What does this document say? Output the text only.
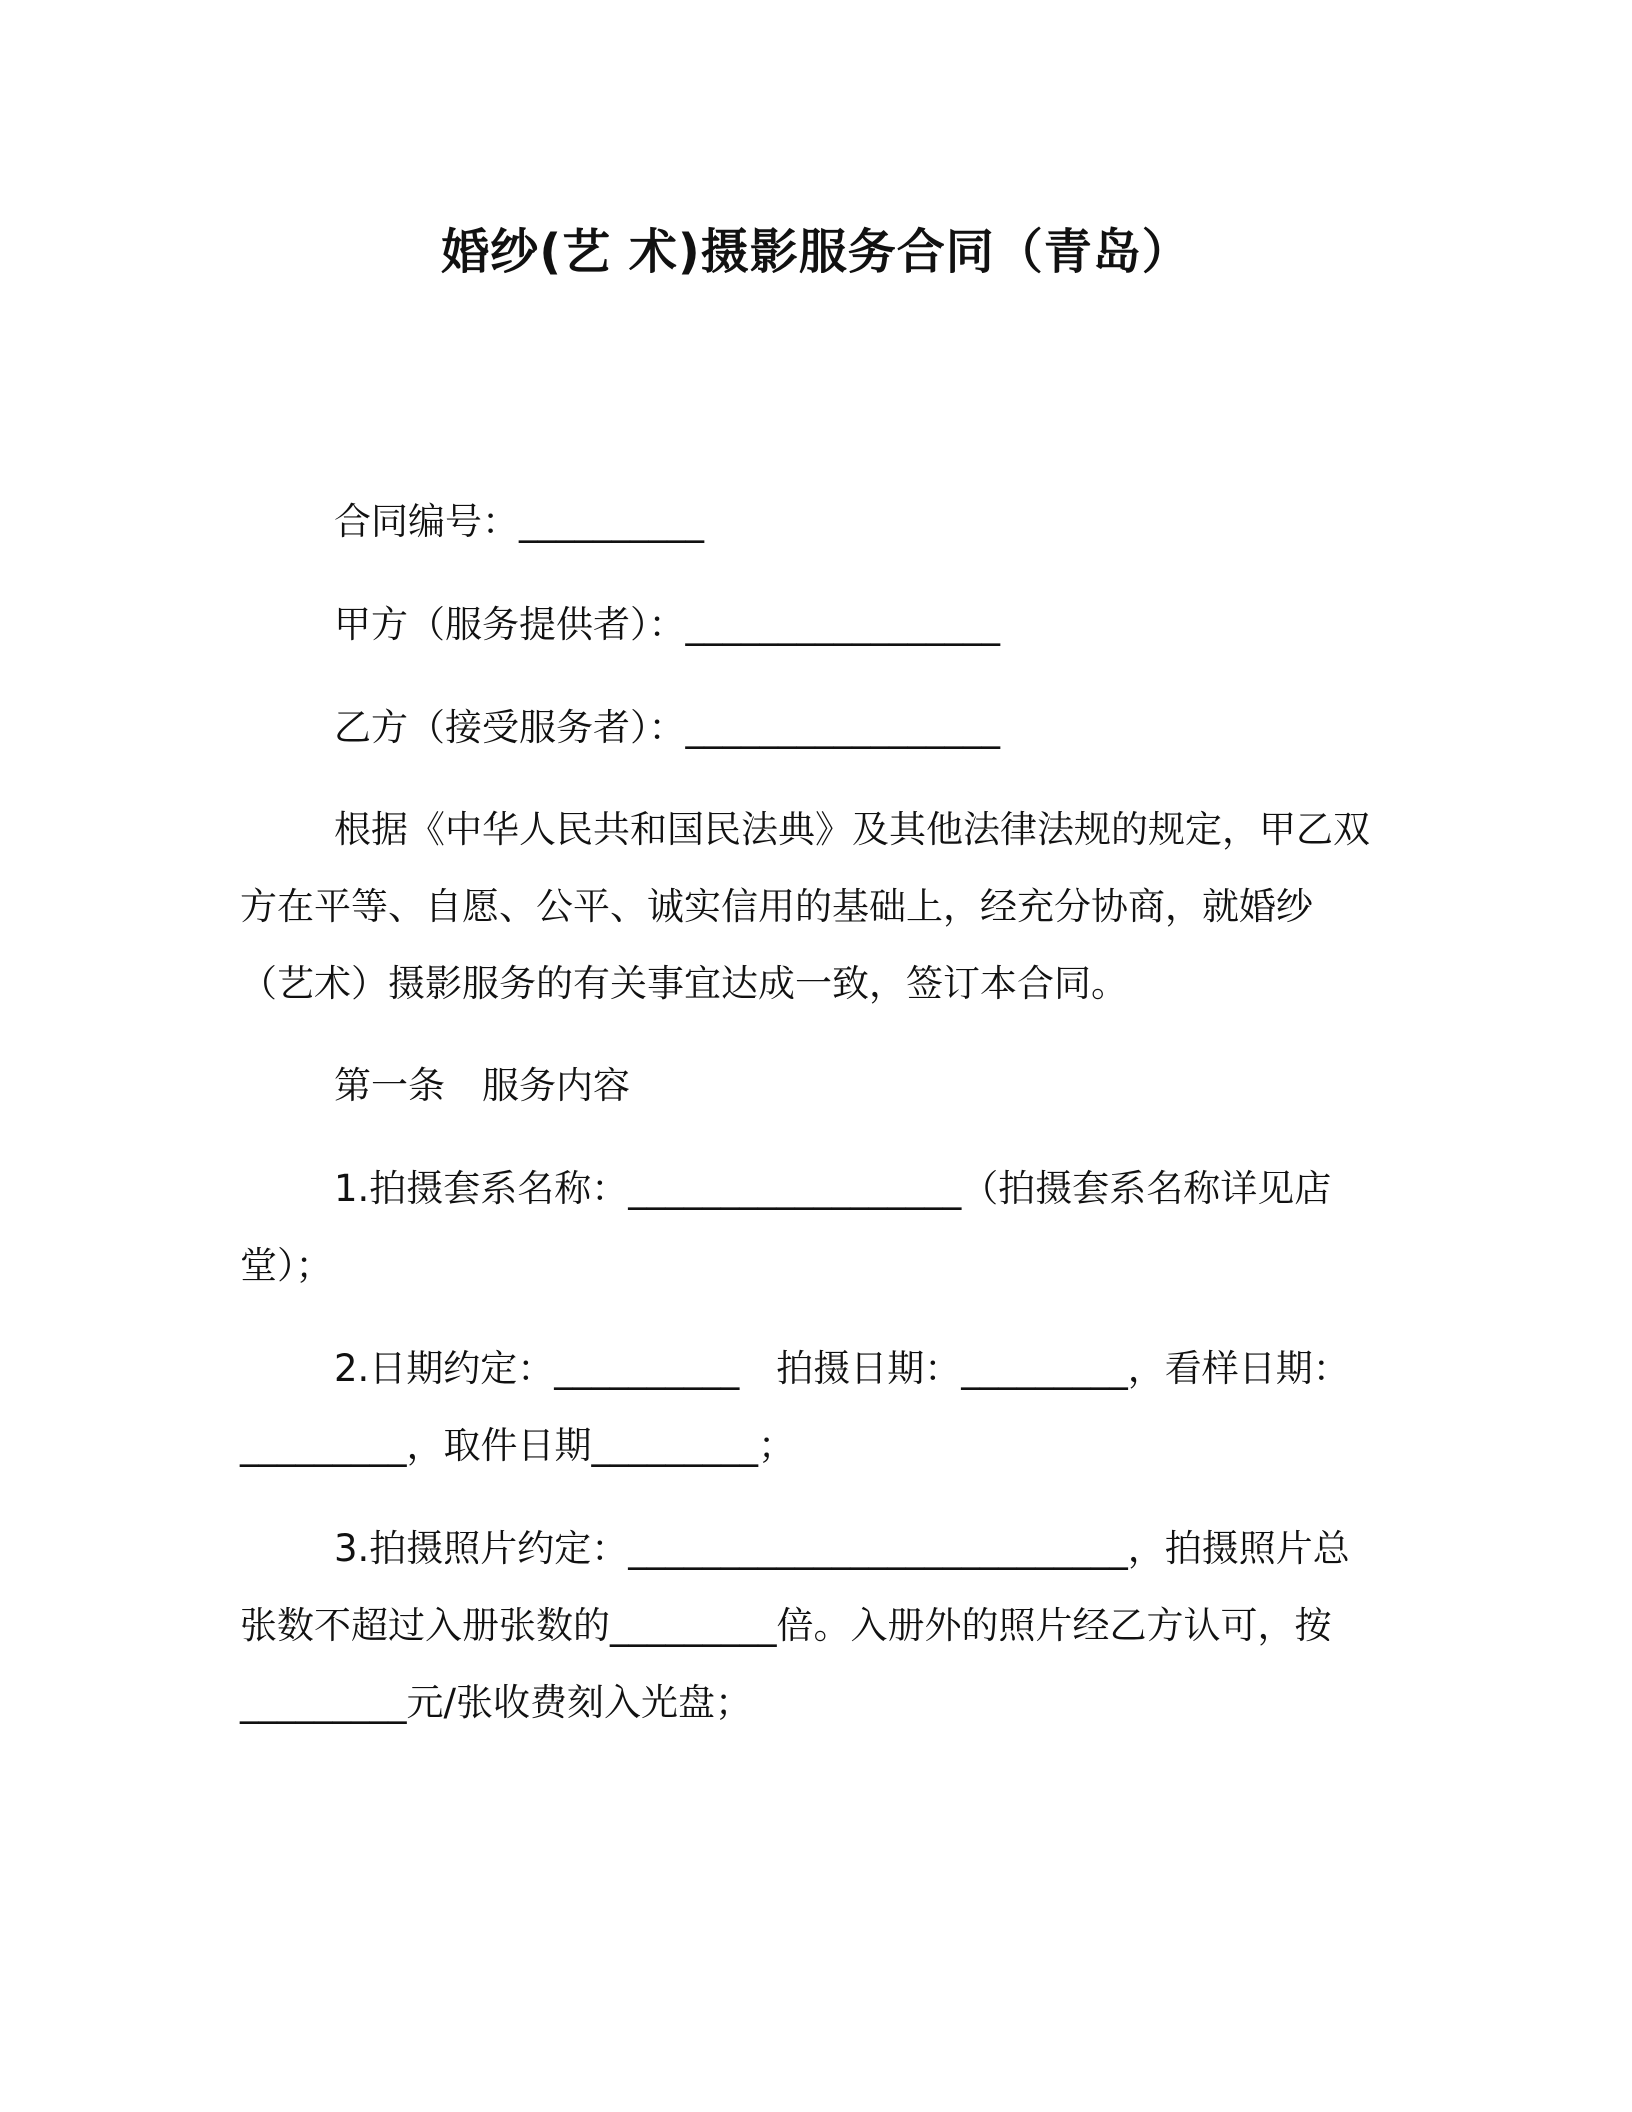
婚纱(艺 术)摄影服务合同（青岛）
合同编号：__________
甲方（服务提供者）：_________________
乙方（接受服务者）：_________________
根据《中华人民共和国民法典》及其他法律法规的规定，甲乙双
方在平等、自愿、公平、诚实信用的基础上，经充分协商，就婚纱
（艺术）摄影服务的有关事宜达成一致，签订本合同。
第一条　服务内容
1.拍摄套系名称：__________________（拍摄套系名称详见店
堂）；
2.日期约定：__________　拍摄日期：_________，看样日期：
_________，取件日期_________；
3.拍摄照片约定：___________________________，拍摄照片总
张数不超过入册张数的_________倍。入册外的照片经乙方认可，按
_________元/张收费刻入光盘；
